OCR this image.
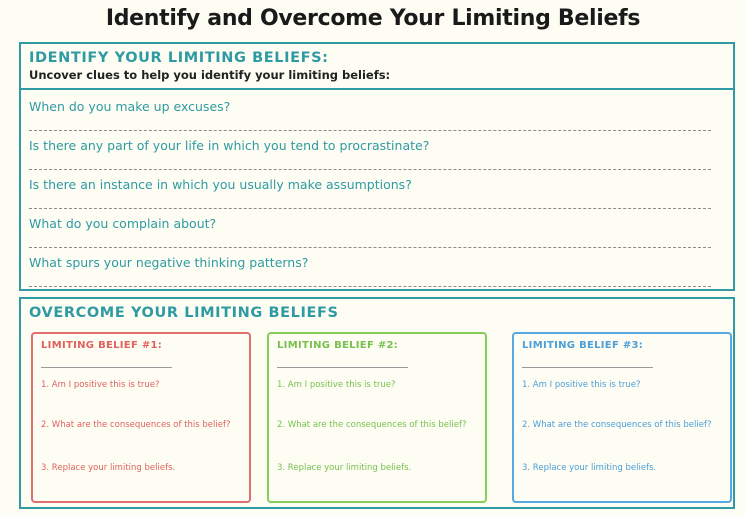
Identify and Overcome Your Limiting Beliefs
IDENTIFY YOUR LIMITING BELIEFS:
Uncover clues to help you identify your limiting beliefs:
When do you make up excuses?
Is there any part of your life in which you tend to procrastinate?
Is there an instance in which you usually make assumptions?
What do you complain about?
What spurs your negative thinking patterns?
OVERCOME YOUR LIMITING BELIEFS
LIMITING BELIEF #1:
1. Am I positive this is true?
2. What are the consequences of this belief?
3. Replace your limiting beliefs.
LIMITING BELIEF #2:
1. Am I positive this is true?
2. What are the consequences of this belief?
3. Replace your limiting beliefs.
LIMITING BELIEF #3:
1. Am I positive this is true?
2. What are the consequences of this belief?
3. Replace your limiting beliefs.
